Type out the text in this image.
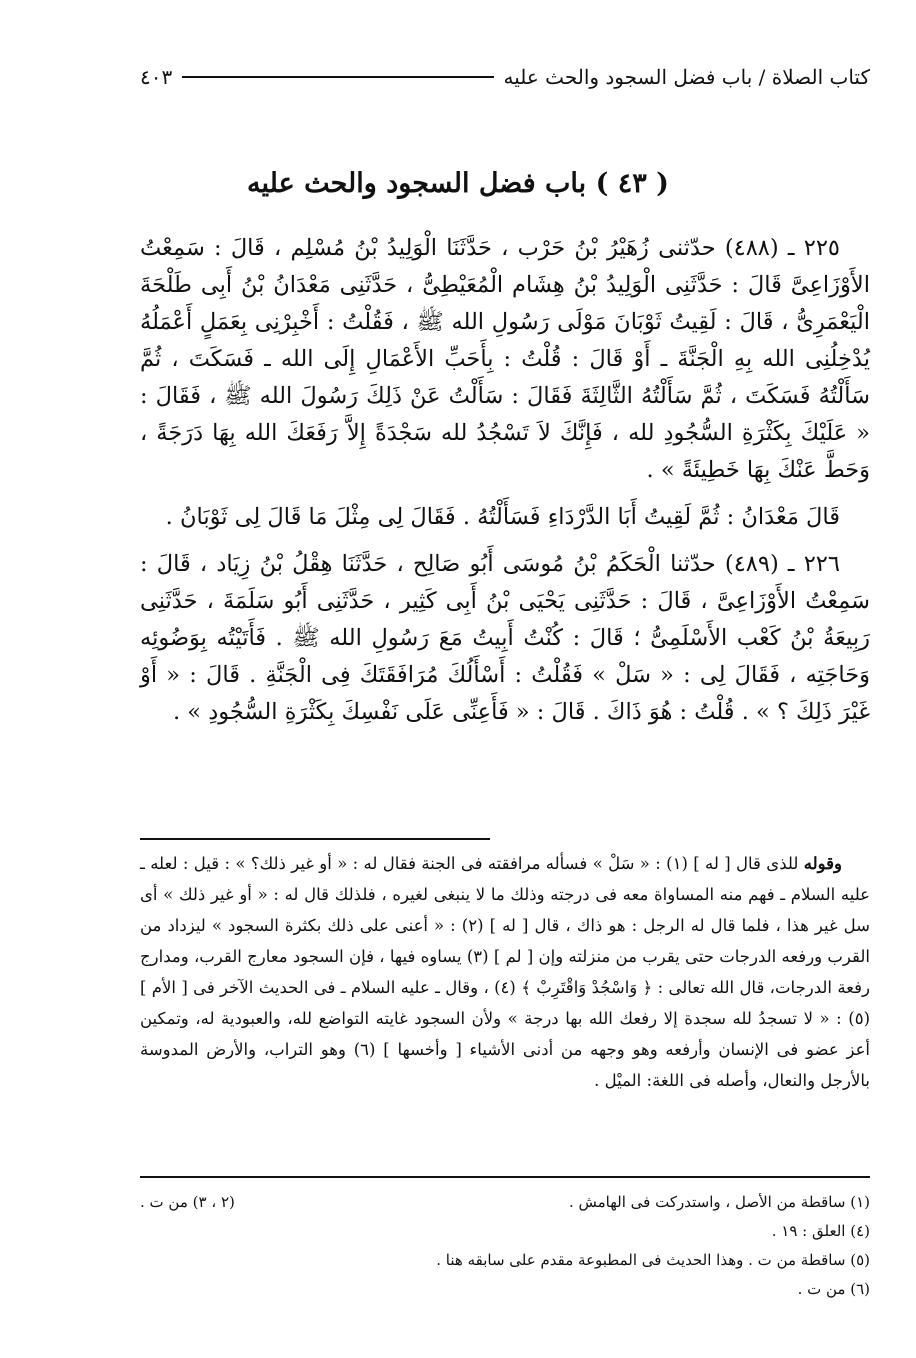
كتاب الصلاة / باب فضل السجود والحث عليه
٤٠٣
( ٤٣ ) باب فضل السجود والحث عليه

٢٢٥ ـ (٤٨٨) حدّثنى زُهَيْرُ بْنُ حَرْب ، حَدَّثَنَا الْوَلِيدُ بْنُ مُسْلِم ، قَالَ : سَمِعْتُ الأَوْزَاعِىَّ قَالَ : حَدَّثَنِى الْوَلِيدُ بْنُ هِشَام الْمُعَيْطِىُّ ، حَدَّثَنِى مَعْدَانُ بْنُ أَبِى طَلْحَةَ الْيَعْمَرِىُّ ، قَالَ : لَقِيتُ ثَوْبَانَ مَوْلَى رَسُولِ الله ﷺ ، فَقُلْتُ : أَخْبِرْنِى بِعَمَلٍ أَعْمَلُهُ يُدْخِلُنِى الله بِهِ الْجَنَّةَ ـ أَوْ قَالَ : قُلْتُ : بِأَحَبِّ الأَعْمَالِ إِلَى الله ـ فَسَكَتَ ، ثُمَّ سَأَلْتُهُ فَسَكَتَ ، ثُمَّ سَأَلْتُهُ الثَّالِثَةَ فَقَالَ : سَأَلْتُ عَنْ ذَلِكَ رَسُولَ الله ﷺ ، فَقَالَ : « عَلَيْكَ بِكَثْرَةِ السُّجُودِ لله ، فَإِنَّكَ لاَ تَسْجُدُ لله سَجْدَةً إِلاَّ رَفَعَكَ الله بِهَا دَرَجَةً ، وَحَطَّ عَنْكَ بِهَا خَطِيئَةً » .

قَالَ مَعْدَانُ : ثُمَّ لَقِيتُ أَبَا الدَّرْدَاءِ فَسَأَلْتُهُ . فَقَالَ لِى مِثْلَ مَا قَالَ لِى ثَوْبَانُ .

٢٢٦ ـ (٤٨٩) حدّثنا الْحَكَمُ بْنُ مُوسَى أَبُو صَالِح ، حَدَّثَنَا هِقْلُ بْنُ زِيَاد ، قَالَ : سَمِعْتُ الأَوْزَاعِىَّ ، قَالَ : حَدَّثَنِى يَحْيَى بْنُ أَبِى كَثِير ، حَدَّثَنِى أَبُو سَلَمَةَ ، حَدَّثَنِى رَبِيعَةُ بْنُ كَعْب الأَسْلَمِىُّ ؛ قَالَ : كُنْتُ أَبِيتُ مَعَ رَسُولِ الله ﷺ . فَأَتَيْتُه بِوَضُوئِه وَحَاجَتِه ، فَقَالَ لِى : « سَلْ » فَقُلْتُ : أَسْأَلُكَ مُرَافَقَتَكَ فِى الْجَنَّةِ . قَالَ : « أَوْ غَيْرَ ذَلِكَ ؟ » . قُلْتُ : هُوَ ذَاكَ . قَالَ : « فَأَعِنِّى عَلَى نَفْسِكَ بِكَثْرَةِ السُّجُودِ » .

وقوله للذى قال [ له ] (١) : « سَلْ » فسأله مرافقته فى الجنة فقال له : « أو غير ذلك؟ » : قيل : لعله ـ عليه السلام ـ فهم منه المساواة معه فى درجته وذلك ما لا ينبغى لغيره ، فلذلك قال له : « أو غير ذلك » أى سل غير هذا ، فلما قال له الرجل : هو ذاك ، قال [ له ] (٢) : « أعنى على ذلك بكثرة السجود » ليزداد من القرب ورفعه الدرجات حتى يقرب من منزلته وإن [ لم ] (٣) يساوه فيها ، فإن السجود معارج القرب، ومدارج رفعة الدرجات، قال الله تعالى : ﴿ وَاسْجُدْ وَاقْتَرِبْ ﴾ (٤) ، وقال ـ عليه السلام ـ فى الحديث الآخر فى [ الأم ] (٥) : « لا تسجدُ لله سجدة إلا رفعك الله بها درجة » ولأن السجود غايته التواضع لله، والعبودية له، وتمكين أعز عضو فى الإنسان وأرفعه وهو وجهه من أدنى الأشياء [ وأخسها ] (٦) وهو التراب، والأرض المدوسة بالأرجل والنعال، وأصله فى اللغة: الميْل .

(١) ساقطة من الأصل ، واستدركت فى الهامش .
(٢ ، ٣) من ت .
(٤) العلق : ١٩ .
(٥) ساقطة من ت . وهذا الحديث فى المطبوعة مقدم على سابقه هنا .
(٦) من ت .
